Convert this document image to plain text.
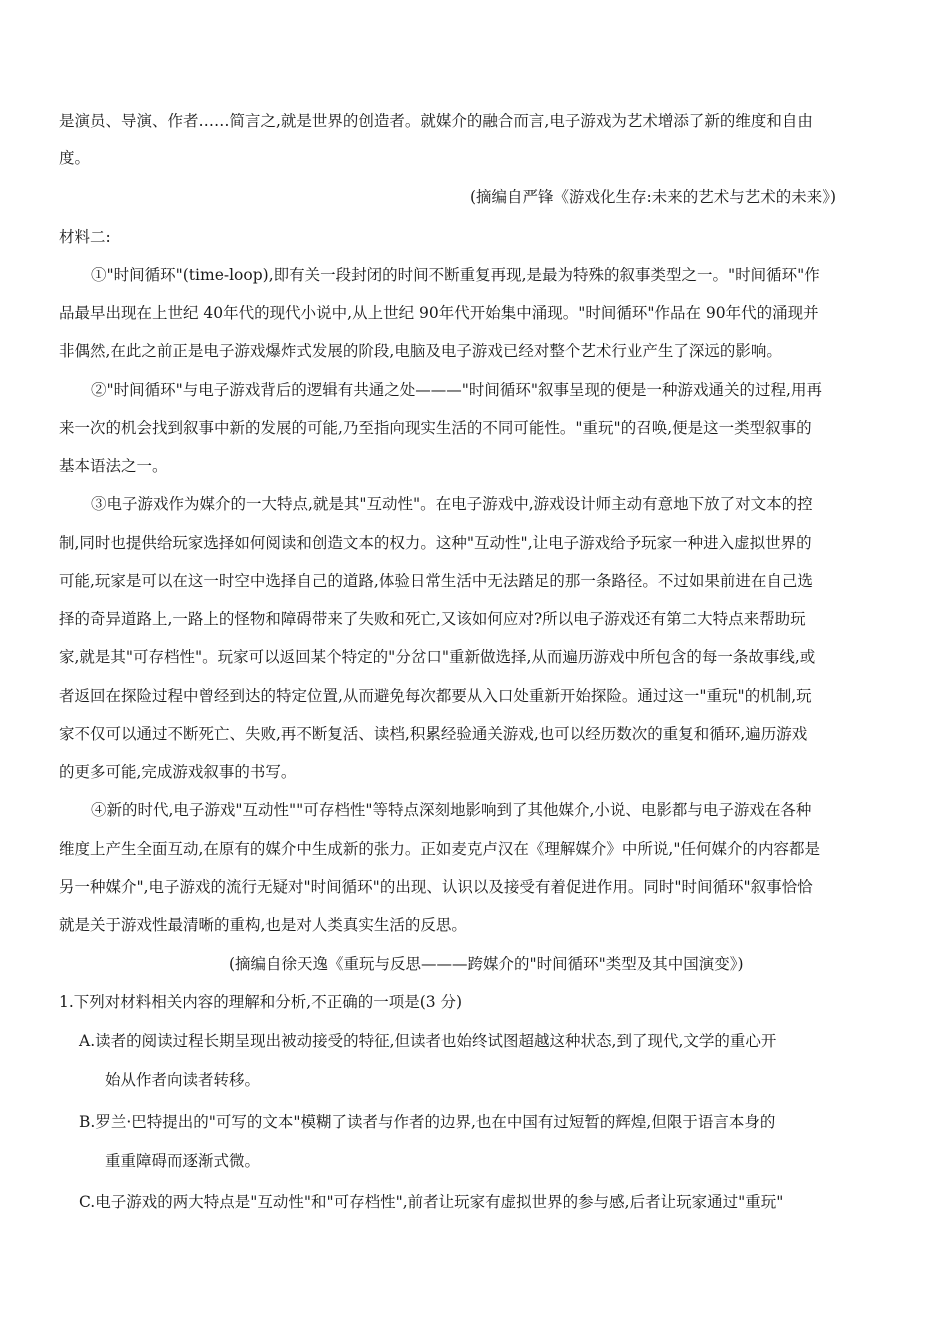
是演员、导演、作者……简言之,就是世界的创造者。就媒介的融合而言,电子游戏为艺术增添了新的维度和自由
度。
(摘编自严锋《游戏化生存:未来的艺术与艺术的未来》)
材料二:
①"时间循环"(time-loop),即有关一段封闭的时间不断重复再现,是最为特殊的叙事类型之一。"时间循环"作
品最早出现在上世纪 40年代的现代小说中,从上世纪 90年代开始集中涌现。"时间循环"作品在 90年代的涌现并
非偶然,在此之前正是电子游戏爆炸式发展的阶段,电脑及电子游戏已经对整个艺术行业产生了深远的影响。
②"时间循环"与电子游戏背后的逻辑有共通之处———"时间循环"叙事呈现的便是一种游戏通关的过程,用再
来一次的机会找到叙事中新的发展的可能,乃至指向现实生活的不同可能性。"重玩"的召唤,便是这一类型叙事的
基本语法之一。
③电子游戏作为媒介的一大特点,就是其"互动性"。在电子游戏中,游戏设计师主动有意地下放了对文本的控
制,同时也提供给玩家选择如何阅读和创造文本的权力。这种"互动性",让电子游戏给予玩家一种进入虚拟世界的
可能,玩家是可以在这一时空中选择自己的道路,体验日常生活中无法踏足的那一条路径。不过如果前进在自己选
择的奇异道路上,一路上的怪物和障碍带来了失败和死亡,又该如何应对?所以电子游戏还有第二大特点来帮助玩
家,就是其"可存档性"。玩家可以返回某个特定的"分岔口"重新做选择,从而遍历游戏中所包含的每一条故事线,或
者返回在探险过程中曾经到达的特定位置,从而避免每次都要从入口处重新开始探险。通过这一"重玩"的机制,玩
家不仅可以通过不断死亡、失败,再不断复活、读档,积累经验通关游戏,也可以经历数次的重复和循环,遍历游戏
的更多可能,完成游戏叙事的书写。
④新的时代,电子游戏"互动性""可存档性"等特点深刻地影响到了其他媒介,小说、电影都与电子游戏在各种
维度上产生全面互动,在原有的媒介中生成新的张力。正如麦克卢汉在《理解媒介》中所说,"任何媒介的内容都是
另一种媒介",电子游戏的流行无疑对"时间循环"的出现、认识以及接受有着促进作用。同时"时间循环"叙事恰恰
就是关于游戏性最清晰的重构,也是对人类真实生活的反思。
(摘编自徐天逸《重玩与反思———跨媒介的"时间循环"类型及其中国演变》)
1.下列对材料相关内容的理解和分析,不正确的一项是(3 分)
A.读者的阅读过程长期呈现出被动接受的特征,但读者也始终试图超越这种状态,到了现代,文学的重心开
始从作者向读者转移。
B.罗兰·巴特提出的"可写的文本"模糊了读者与作者的边界,也在中国有过短暂的辉煌,但限于语言本身的
重重障碍而逐渐式微。
C.电子游戏的两大特点是"互动性"和"可存档性",前者让玩家有虚拟世界的参与感,后者让玩家通过"重玩"
